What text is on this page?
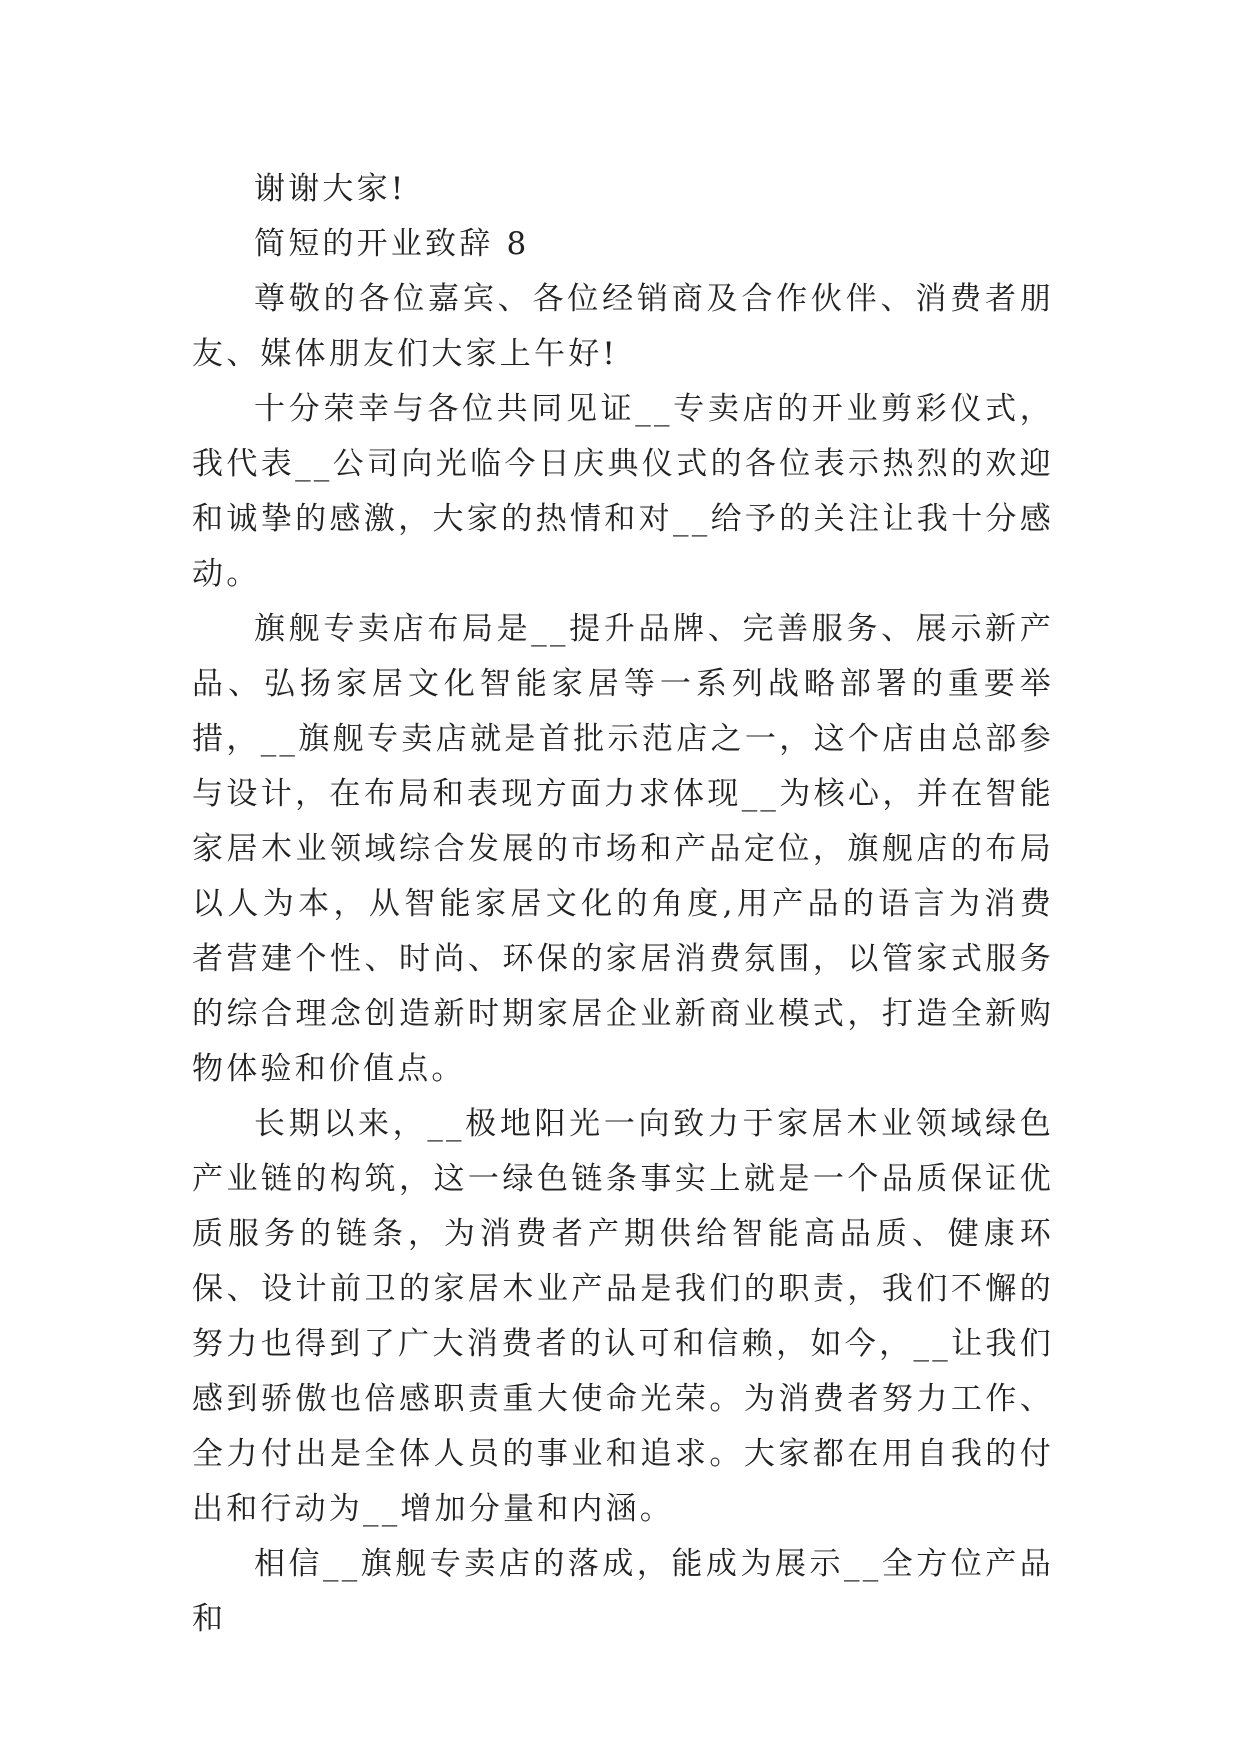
谢谢大家!

简短的开业致辞 8

尊敬的各位嘉宾、各位经销商及合作伙伴、消费者朋友、媒体朋友们大家上午好!

十分荣幸与各位共同见证__专卖店的开业剪彩仪式，我代表__公司向光临今日庆典仪式的各位表示热烈的欢迎和诚挚的感激，大家的热情和对__给予的关注让我十分感动。

旗舰专卖店布局是__提升品牌、完善服务、展示新产品、弘扬家居文化智能家居等一系列战略部署的重要举措，__旗舰专卖店就是首批示范店之一，这个店由总部参与设计，在布局和表现方面力求体现__为核心，并在智能家居木业领域综合发展的市场和产品定位，旗舰店的布局以人为本，从智能家居文化的角度,用产品的语言为消费者营建个性、时尚、环保的家居消费氛围，以管家式服务的综合理念创造新时期家居企业新商业模式，打造全新购物体验和价值点。

长期以来，__极地阳光一向致力于家居木业领域绿色产业链的构筑，这一绿色链条事实上就是一个品质保证优质服务的链条，为消费者产期供给智能高品质、健康环保、设计前卫的家居木业产品是我们的职责，我们不懈的努力也得到了广大消费者的认可和信赖，如今，__让我们感到骄傲也倍感职责重大使命光荣。为消费者努力工作、全力付出是全体人员的事业和追求。大家都在用自我的付出和行动为__增加分量和内涵。

相信__旗舰专卖店的落成，能成为展示__全方位产品和
